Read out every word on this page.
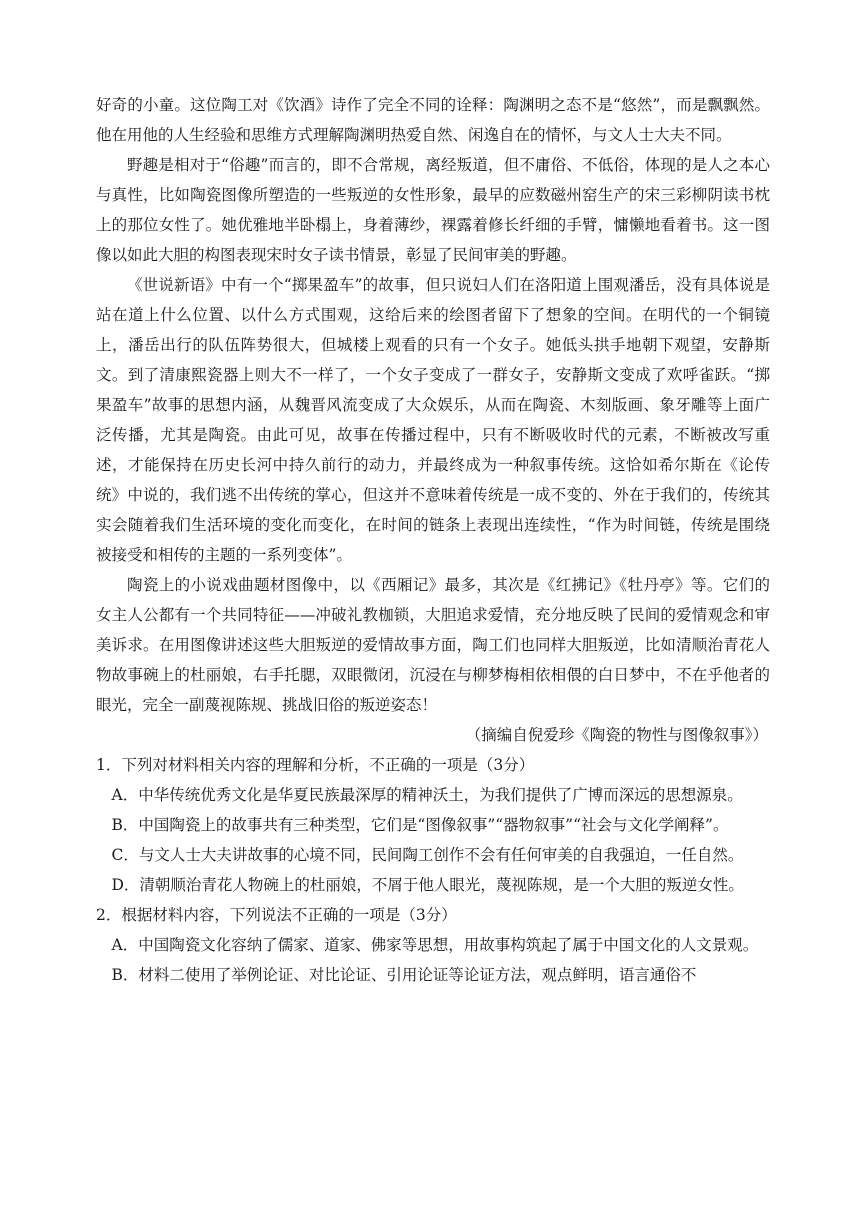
好奇的小童。这位陶工对《饮酒》诗作了完全不同的诠释：陶渊明之态不是“悠然”，而是飘飘然。他在用他的人生经验和思维方式理解陶渊明热爱自然、闲逸自在的情怀，与文人士大夫不同。

野趣是相对于“俗趣”而言的，即不合常规，离经叛道，但不庸俗、不低俗，体现的是人之本心与真性，比如陶瓷图像所塑造的一些叛逆的女性形象，最早的应数磁州窑生产的宋三彩柳阴读书枕上的那位女性了。她优雅地半卧榻上，身着薄纱，裸露着修长纤细的手臂，慵懒地看着书。这一图像以如此大胆的构图表现宋时女子读书情景，彰显了民间审美的野趣。

《世说新语》中有一个“掷果盈车”的故事，但只说妇人们在洛阳道上围观潘岳，没有具体说是站在道上什么位置、以什么方式围观，这给后来的绘图者留下了想象的空间。在明代的一个铜镜上，潘岳出行的队伍阵势很大，但城楼上观看的只有一个女子。她低头拱手地朝下观望，安静斯文。到了清康熙瓷器上则大不一样了，一个女子变成了一群女子，安静斯文变成了欢呼雀跃。“掷果盈车”故事的思想内涵，从魏晋风流变成了大众娱乐，从而在陶瓷、木刻版画、象牙雕等上面广泛传播，尤其是陶瓷。由此可见，故事在传播过程中，只有不断吸收时代的元素，不断被改写重述，才能保持在历史长河中持久前行的动力，并最终成为一种叙事传统。这恰如希尔斯在《论传统》中说的，我们逃不出传统的掌心，但这并不意味着传统是一成不变的、外在于我们的，传统其实会随着我们生活环境的变化而变化，在时间的链条上表现出连续性，“作为时间链，传统是围绕被接受和相传的主题的一系列变体”。

陶瓷上的小说戏曲题材图像中，以《西厢记》最多，其次是《红拂记》《牡丹亭》等。它们的女主人公都有一个共同特征——冲破礼教枷锁，大胆追求爱情，充分地反映了民间的爱情观念和审美诉求。在用图像讲述这些大胆叛逆的爱情故事方面，陶工们也同样大胆叛逆，比如清顺治青花人物故事碗上的杜丽娘，右手托腮，双眼微闭，沉浸在与柳梦梅相依相偎的白日梦中，不在乎他者的眼光，完全一副蔑视陈规、挑战旧俗的叛逆姿态！

（摘编自倪爱珍《陶瓷的物性与图像叙事》）

1．下列对材料相关内容的理解和分析，不正确的一项是（3分）

A．中华传统优秀文化是华夏民族最深厚的精神沃土，为我们提供了广博而深远的思想源泉。

B．中国陶瓷上的故事共有三种类型，它们是“图像叙事”“器物叙事”“社会与文化学阐释”。

C．与文人士大夫讲故事的心境不同，民间陶工创作不会有任何审美的自我强迫，一任自然。

D．清朝顺治青花人物碗上的杜丽娘，不屑于他人眼光，蔑视陈规，是一个大胆的叛逆女性。

2．根据材料内容，下列说法不正确的一项是（3分）

A．中国陶瓷文化容纳了儒家、道家、佛家等思想，用故事构筑起了属于中国文化的人文景观。

B．材料二使用了举例论证、对比论证、引用论证等论证方法，观点鲜明，语言通俗不
